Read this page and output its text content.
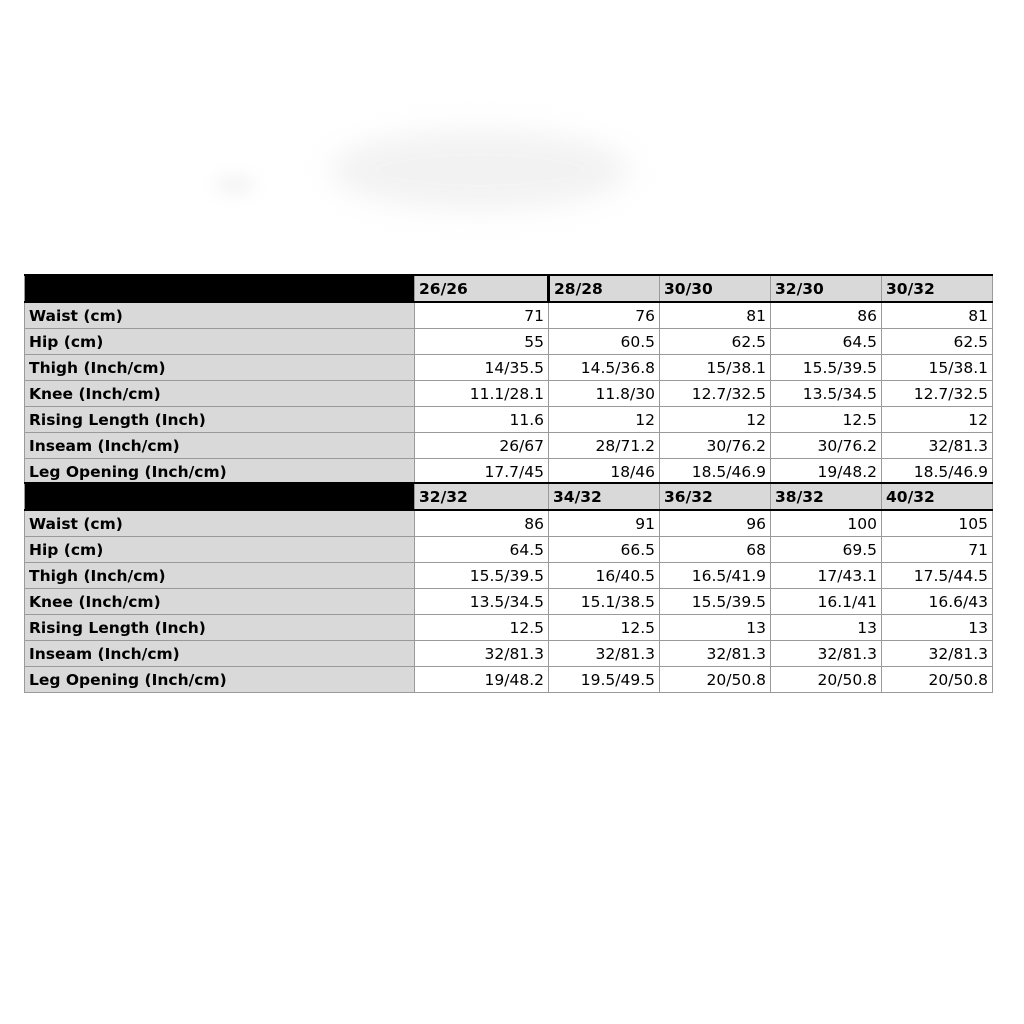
	26/26	28/28	30/30	32/30	30/32
Waist (cm)	71	76	81	86	81
Hip (cm)	55	60.5	62.5	64.5	62.5
Thigh (Inch/cm)	14/35.5	14.5/36.8	15/38.1	15.5/39.5	15/38.1
Knee (Inch/cm)	11.1/28.1	11.8/30	12.7/32.5	13.5/34.5	12.7/32.5
Rising Length (Inch)	11.6	12	12	12.5	12
Inseam (Inch/cm)	26/67	28/71.2	30/76.2	30/76.2	32/81.3
Leg Opening (Inch/cm)	17.7/45	18/46	18.5/46.9	19/48.2	18.5/46.9
	32/32	34/32	36/32	38/32	40/32
Waist (cm)	86	91	96	100	105
Hip (cm)	64.5	66.5	68	69.5	71
Thigh (Inch/cm)	15.5/39.5	16/40.5	16.5/41.9	17/43.1	17.5/44.5
Knee (Inch/cm)	13.5/34.5	15.1/38.5	15.5/39.5	16.1/41	16.6/43
Rising Length (Inch)	12.5	12.5	13	13	13
Inseam (Inch/cm)	32/81.3	32/81.3	32/81.3	32/81.3	32/81.3
Leg Opening (Inch/cm)	19/48.2	19.5/49.5	20/50.8	20/50.8	20/50.8
